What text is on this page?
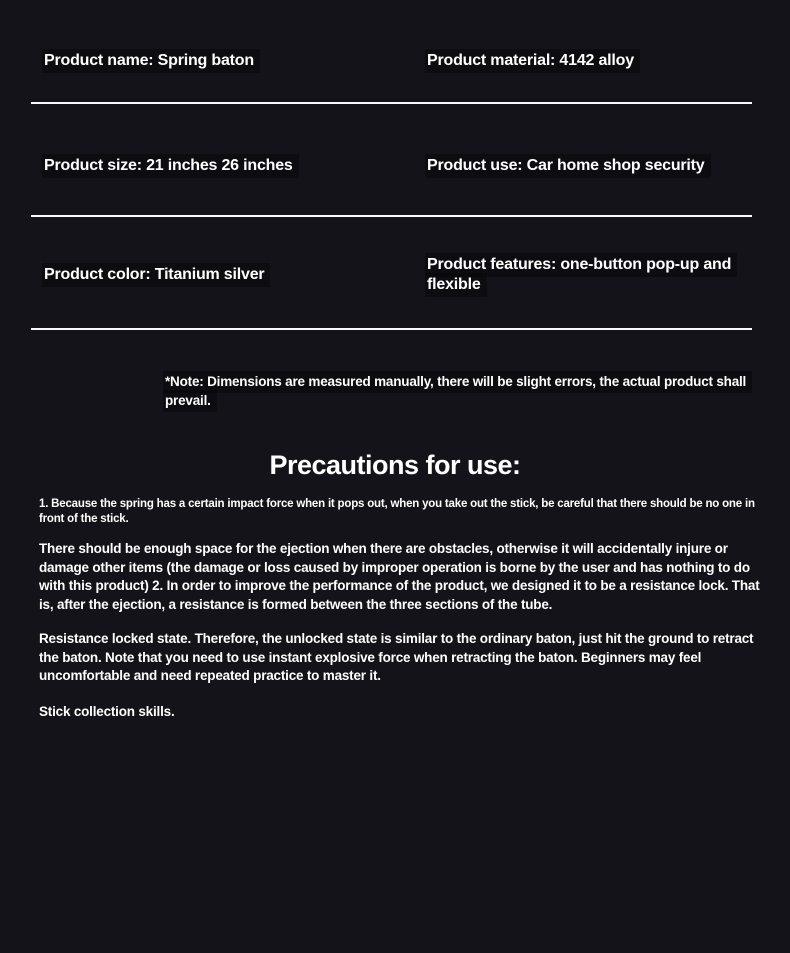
Product name: Spring baton	Product material: 4142 alloy
Product size: 21 inches 26 inches	Product use: Car home shop security
Product color: Titanium silver
Product features: one-button pop-up and flexible

*Note: Dimensions are measured manually, there will be slight errors, the actual product shall prevail.

Precautions for use:

1. Because the spring has a certain impact force when it pops out, when you take out the stick, be careful that there should be no one in front of the stick.

There should be enough space for the ejection when there are obstacles, otherwise it will accidentally injure or damage other items (the damage or loss caused by improper operation is borne by the user and has nothing to do with this product) 2. In order to improve the performance of the product, we designed it to be a resistance lock. That is, after the ejection, a resistance is formed between the three sections of the tube.

Resistance locked state. Therefore, the unlocked state is similar to the ordinary baton, just hit the ground to retract the baton. Note that you need to use instant explosive force when retracting the baton. Beginners may feel uncomfortable and need repeated practice to master it.

Stick collection skills.
